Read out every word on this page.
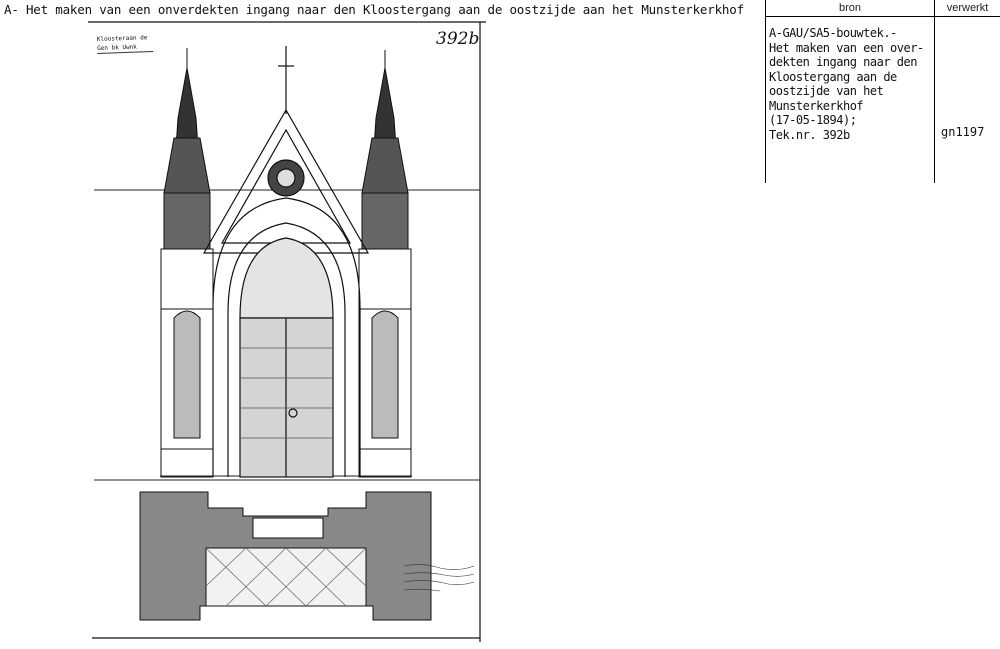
A- Het maken van een onverdekten ingang naar den Kloostergang aan de oostzijde aan het Munsterkerkhof	bron	verwerkt
A-GAU/SA5-bouwtek.-
Het maken van een over-
dekten ingang naar den
Kloostergang aan de
oostzijde van het
Munsterkerkhof
(17-05-1894);
Tek.nr. 392b	gn1197
Kloosteraan de Gen bk Uwnk	392b
